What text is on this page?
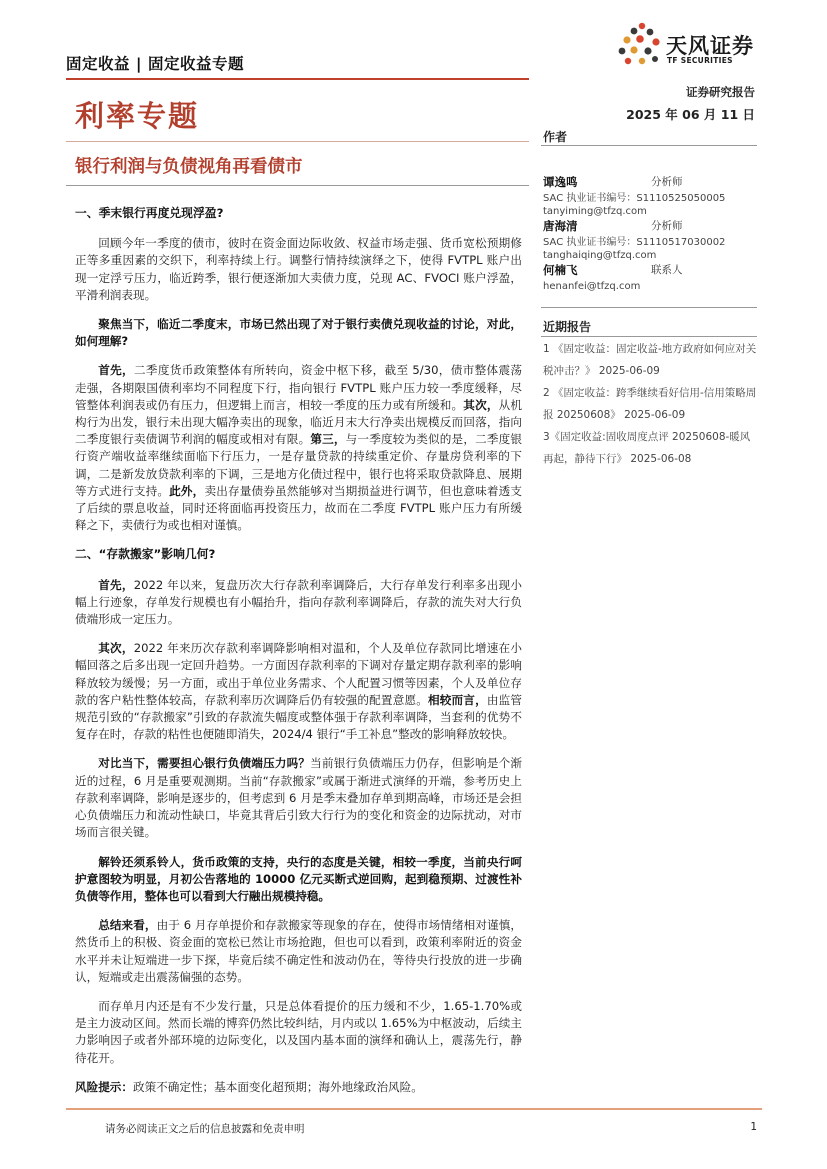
固定收益 | 固定收益专题
天风证券
TF SECURITIES
证券研究报告
2025 年 06 月 11 日
利率专题
银行利润与负债视角再看债市
一、季末银行再度兑现浮盈?

回顾今年一季度的债市，彼时在资金面边际收敛、权益市场走强、货币宽松预期修正等多重因素的交织下，利率持续上行。调整行情持续演绎之下，使得 FVTPL 账户出现一定浮亏压力，临近跨季，银行便逐渐加大卖债力度，兑现 AC、FVOCI 账户浮盈，平滑利润表现。

聚焦当下，临近二季度末，市场已然出现了对于银行卖债兑现收益的讨论，对此，如何理解?

首先，二季度货币政策整体有所转向，资金中枢下移，截至 5/30，债市整体震荡走强，各期限国债利率均不同程度下行，指向银行 FVTPL 账户压力较一季度缓释，尽管整体利润表或仍有压力，但逻辑上而言，相较一季度的压力或有所缓和。其次，从机构行为出发，银行未出现大幅净卖出的现象，临近月末大行净卖出规模反而回落，指向二季度银行卖债调节利润的幅度或相对有限。第三，与一季度较为类似的是，二季度银行资产端收益率继续面临下行压力，一是存量贷款的持续重定价、存量房贷利率的下调，二是新发放贷款利率的下调，三是地方化债过程中，银行也将采取贷款降息、展期等方式进行支持。此外，卖出存量债券虽然能够对当期损益进行调节，但也意味着透支了后续的票息收益，同时还将面临再投资压力，故而在二季度 FVTPL 账户压力有所缓释之下，卖债行为或也相对谨慎。

二、“存款搬家”影响几何?

首先，2022 年以来，复盘历次大行存款利率调降后，大行存单发行利率多出现小幅上行迹象，存单发行规模也有小幅抬升，指向存款利率调降后，存款的流失对大行负债端形成一定压力。

其次，2022 年来历次存款利率调降影响相对温和，个人及单位存款同比增速在小幅回落之后多出现一定回升趋势。一方面因存款利率的下调对存量定期存款利率的影响释放较为缓慢；另一方面，或出于单位业务需求、个人配置习惯等因素，个人及单位存款的客户粘性整体较高，存款利率历次调降后仍有较强的配置意愿。相较而言，由监管规范引致的“存款搬家”引致的存款流失幅度或整体强于存款利率调降，当套利的优势不复存在时，存款的粘性也便随即消失，2024/4 银行“手工补息”整改的影响释放较快。

对比当下，需要担心银行负债端压力吗？当前银行负债端压力仍存，但影响是个渐近的过程，6 月是重要观测期。当前“存款搬家”或属于渐进式演绎的开端，参考历史上存款利率调降，影响是逐步的，但考虑到 6 月是季末叠加存单到期高峰，市场还是会担心负债端压力和流动性缺口，毕竟其背后引致大行行为的变化和资金的边际扰动，对市场而言很关键。

解铃还须系铃人，货币政策的支持，央行的态度是关键，相较一季度，当前央行呵护意图较为明显，月初公告落地的 10000 亿元买断式逆回购，起到稳预期、过渡性补负债等作用，整体也可以看到大行融出规模持稳。

总结来看，由于 6 月存单提价和存款搬家等现象的存在，使得市场情绪相对谨慎，然货币上的积极、资金面的宽松已然让市场抢跑，但也可以看到，政策利率附近的资金水平并未让短端进一步下探，毕竟后续不确定性和波动仍在，等待央行投放的进一步确认，短端或走出震荡偏强的态势。

而存单月内还是有不少发行量，只是总体看提价的压力缓和不少，1.65-1.70%或是主力波动区间。然而长端的博弈仍然比较纠结，月内或以 1.65%为中枢波动，后续主力影响因子或者外部环境的边际变化，以及国内基本面的演绎和确认上，震荡先行，静待花开。

风险提示：政策不确定性；基本面变化超预期；海外地缘政治风险。

作者
谭逸鸣	分析师
SAC 执业证书编号：S1110525050005
tanyiming@tfzq.com
唐海清	分析师
SAC 执业证书编号：S1110517030002
tanghaiqing@tfzq.com
何楠飞	联系人
henanfei@tfzq.com
近期报告
1 《固定收益：固定收益-地方政府如何应对关税冲击？》 2025-06-09
2 《固定收益：跨季继续看好信用-信用策略周报 20250608》 2025-06-09
3《固定收益:固收周度点评 20250608-暖风再起，静待下行》 2025-06-08
请务必阅读正文之后的信息披露和免责申明	1
